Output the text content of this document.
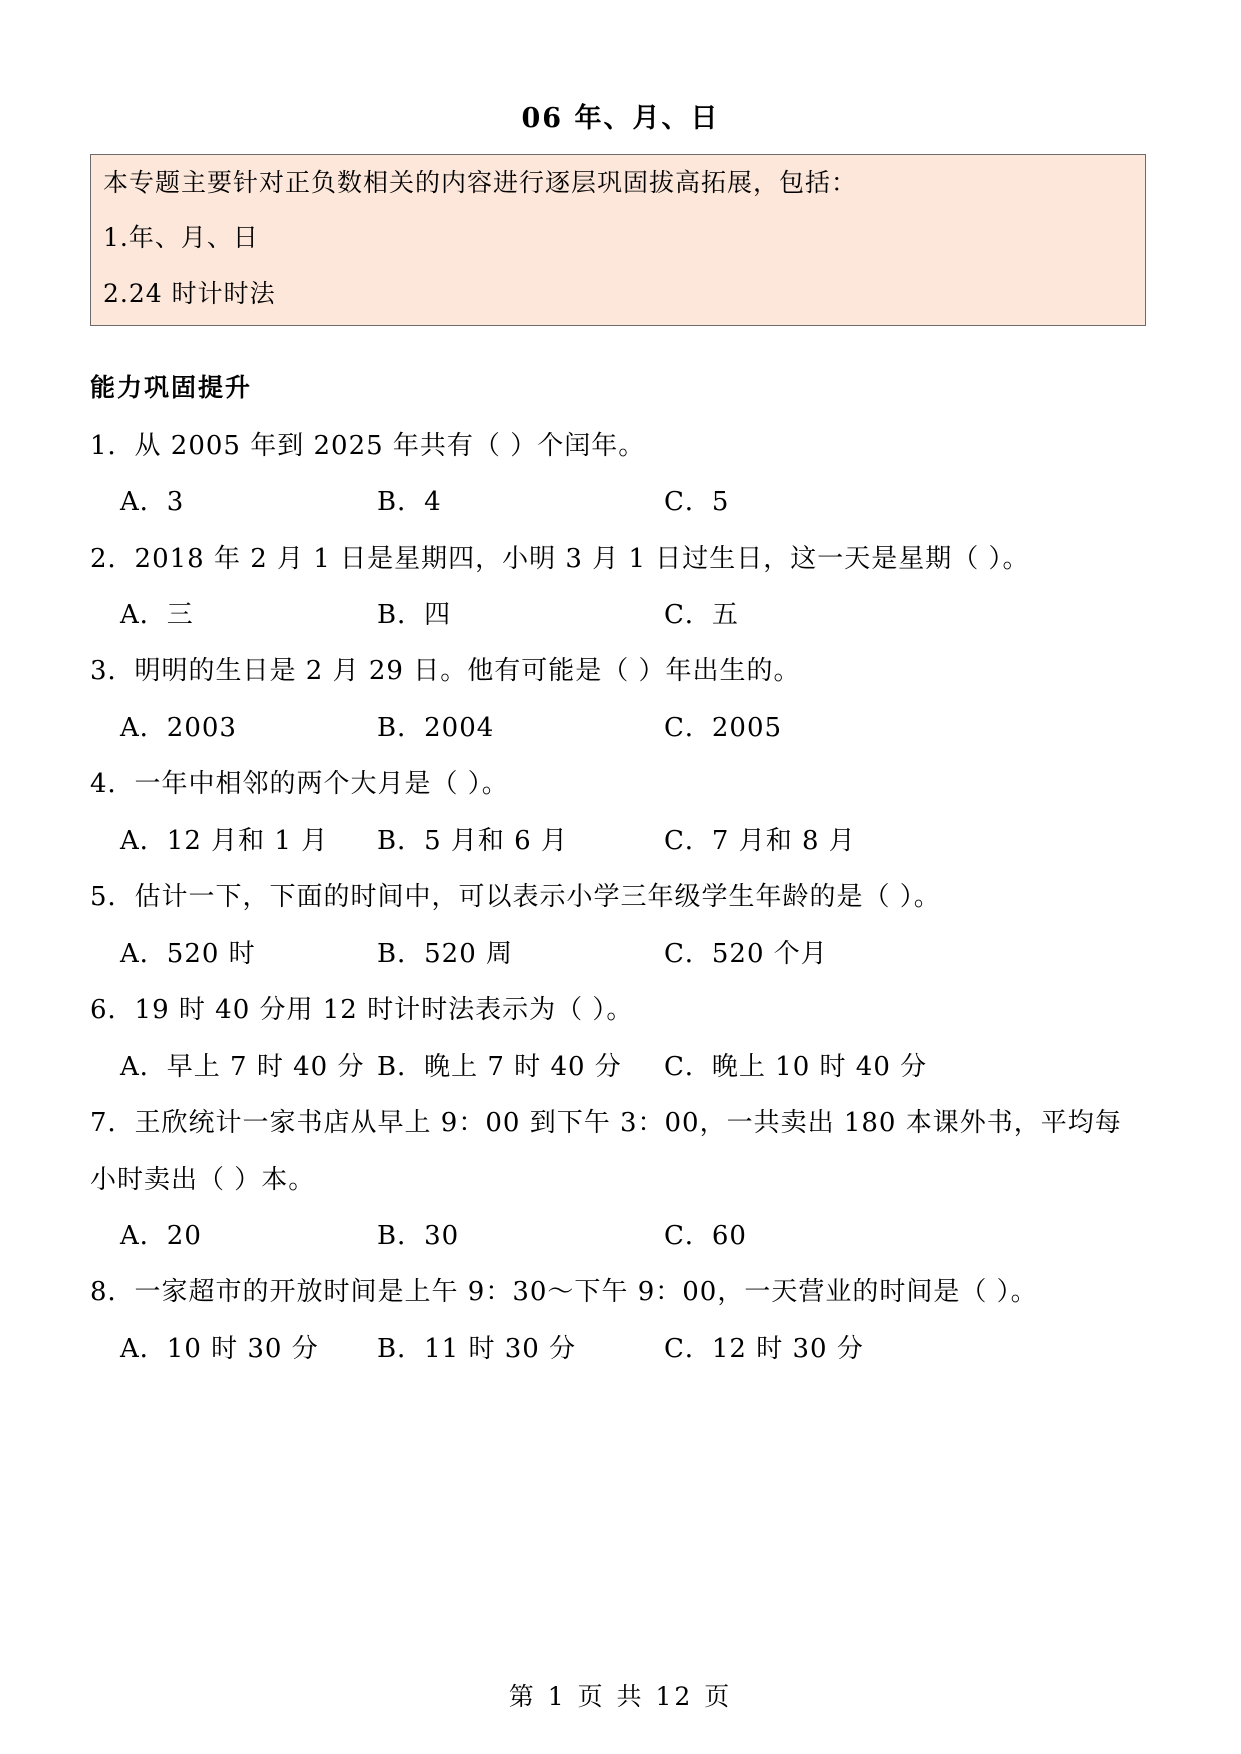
06 年、月、日
本专题主要针对正负数相关的内容进行逐层巩固拔高拓展，包括：
1.年、月、日
2.24 时计时法
能力巩固提升
1．从 2005 年到 2025 年共有（ ）个闰年。
A．3	B．4	C．5
2．2018 年 2 月 1 日是星期四，小明 3 月 1 日过生日，这一天是星期（ ）。
A．三	B．四	C．五
3．明明的生日是 2 月 29 日。他有可能是（ ）年出生的。
A．2003	B．2004	C．2005
4．一年中相邻的两个大月是（ ）。
A．12 月和 1 月 B．5 月和 6 月	C．7 月和 8 月
5．估计一下，下面的时间中，可以表示小学三年级学生年龄的是（ ）。
A．520 时	B．520 周	C．520 个月
6．19 时 40 分用 12 时计时法表示为（ ）。
A．早上 7 时 40 分 B．晚上 7 时 40 分 C．晚上 10 时 40 分
7．王欣统计一家书店从早上 9：00 到下午 3：00，一共卖出 180 本课外书，平均每
小时卖出（ ）本。
A．20	B．30	C．60
8．一家超市的开放时间是上午 9：30～下午 9：00，一天营业的时间是（ ）。
A．10 时 30 分 B．11 时 30 分	C．12 时 30 分
第 1 页 共 12 页
